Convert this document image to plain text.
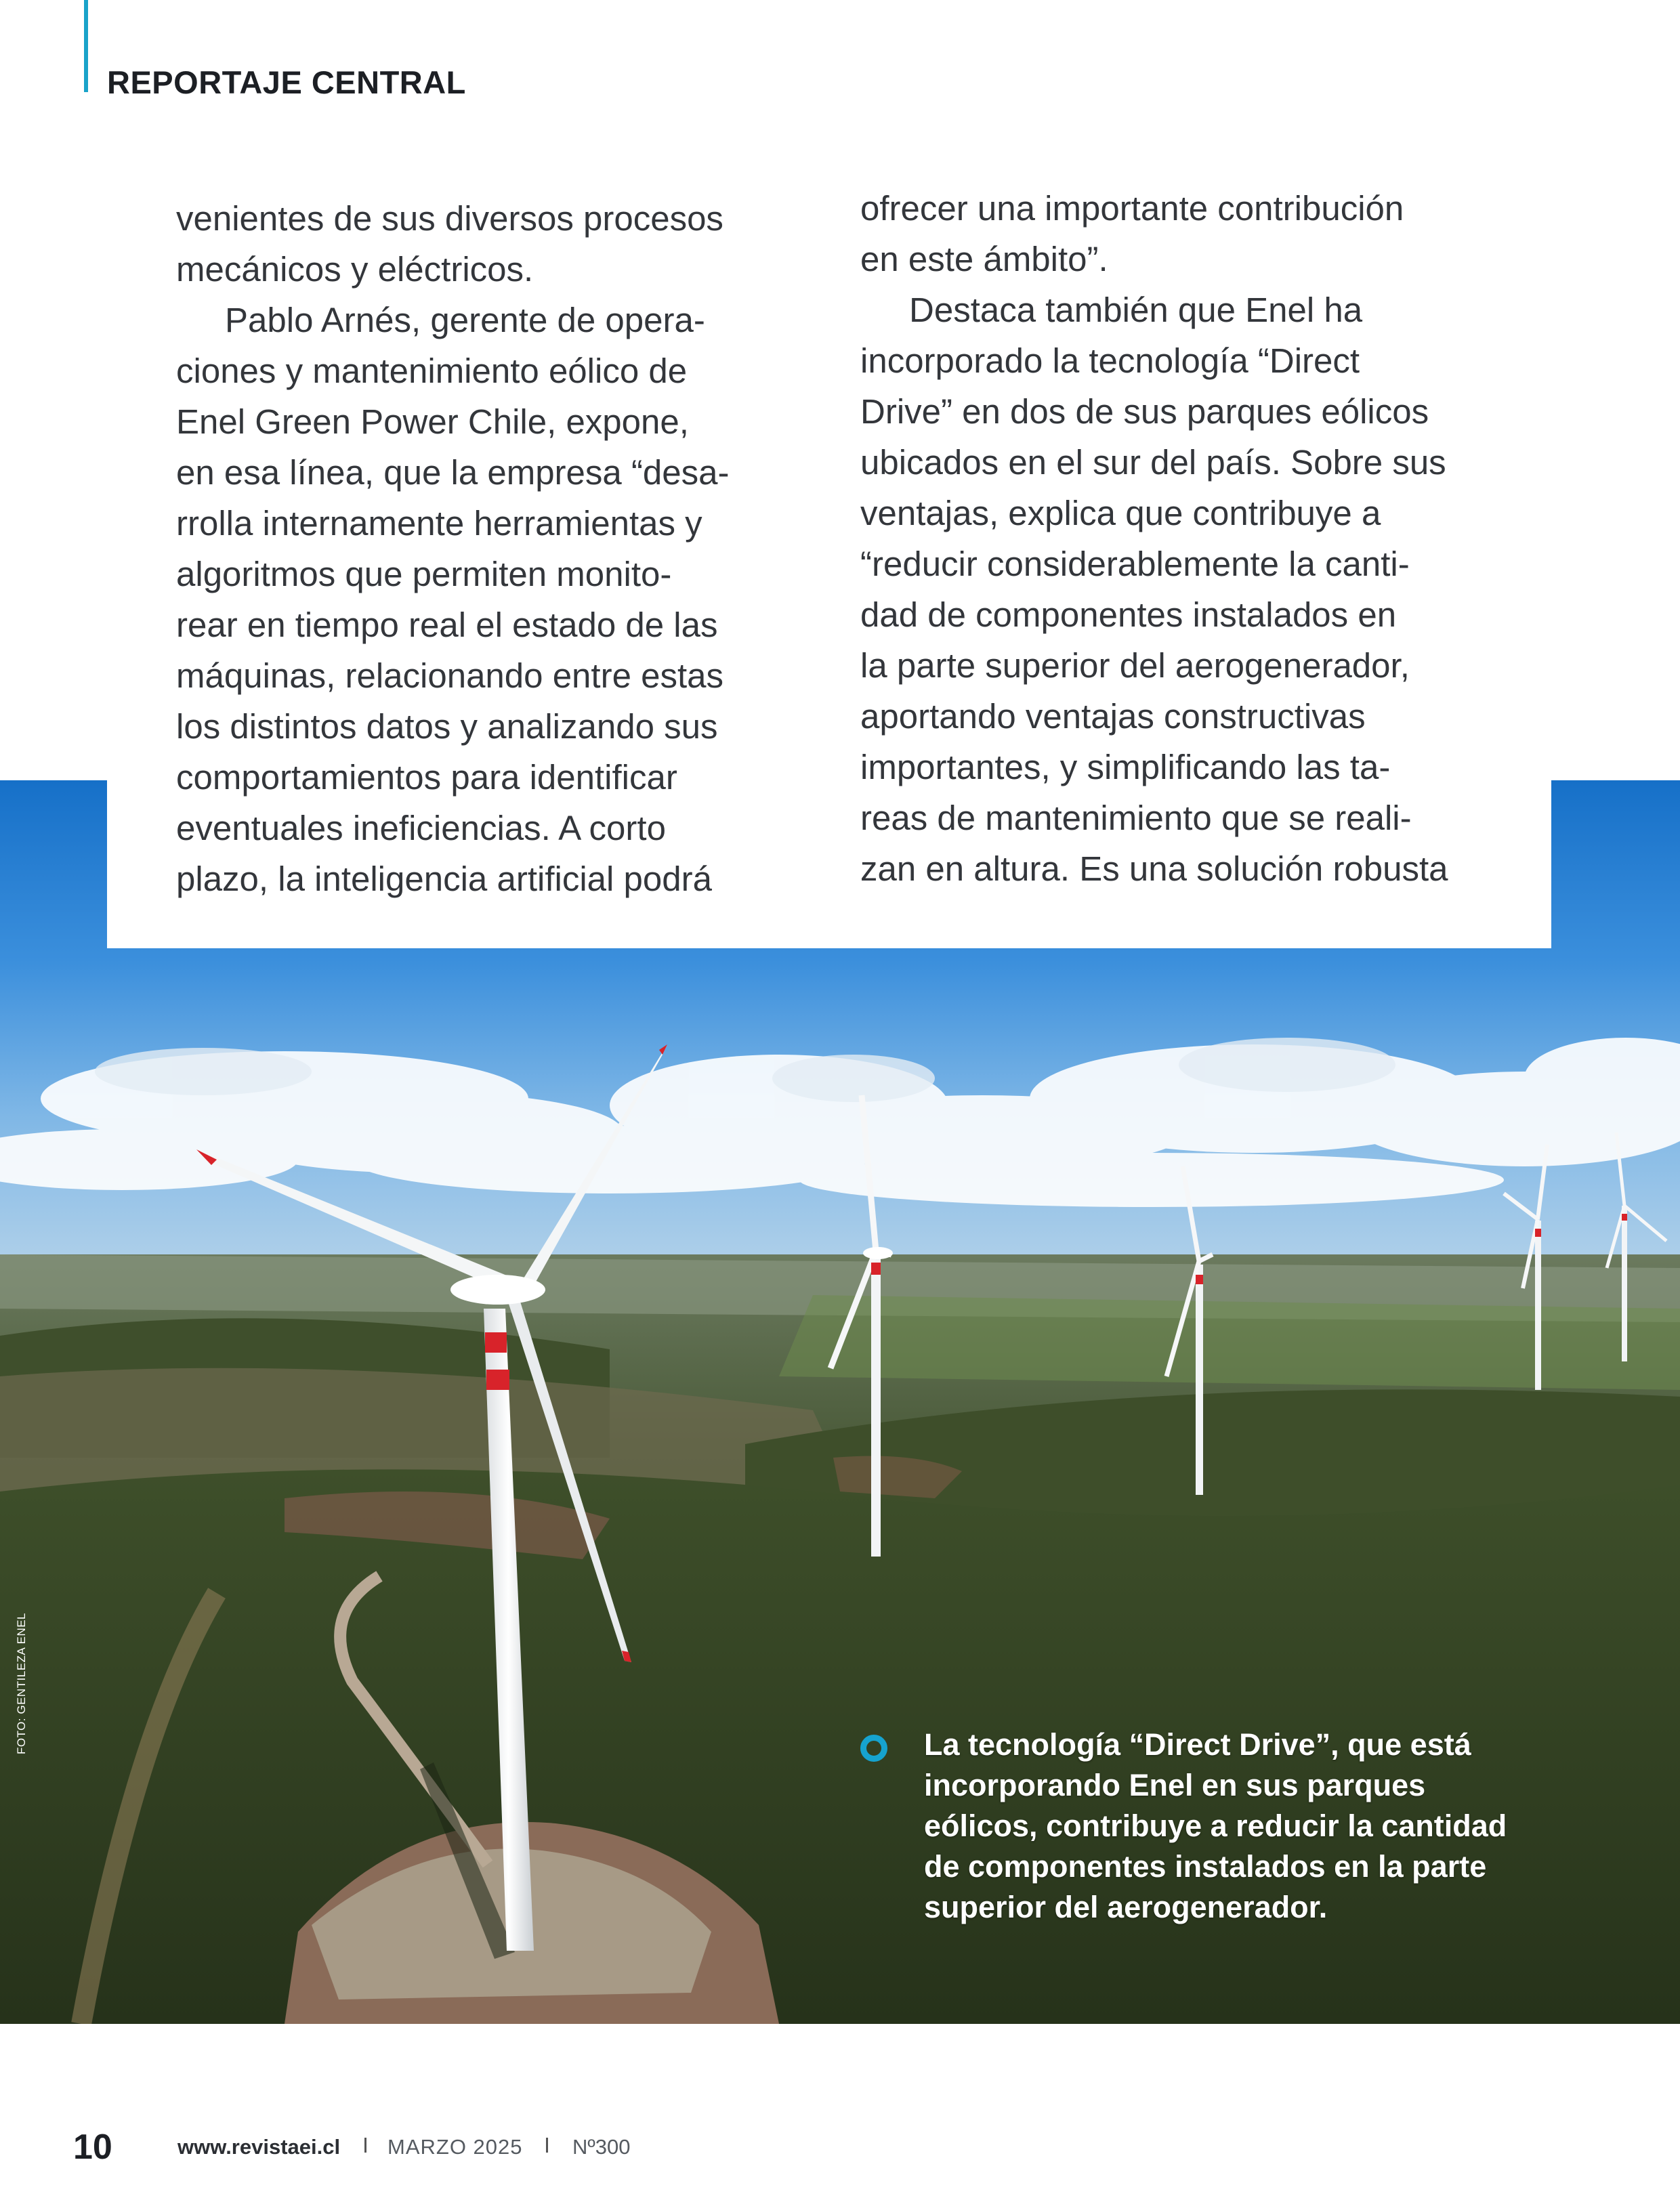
REPORTAJE CENTRAL

venientes de sus diversos procesos

mecánicos y eléctricos.

Pablo Arnés, gerente de opera-

ciones y mantenimiento eólico de

Enel Green Power Chile, expone,

en esa línea, que la empresa “desa-

rrolla internamente herramientas y

algoritmos que permiten monito-

rear en tiempo real el estado de las

máquinas, relacionando entre estas

los distintos datos y analizando sus

comportamientos para identificar

eventuales ineficiencias. A corto

plazo, la inteligencia artificial podrá

ofrecer una importante contribución

en este ámbito”.

Destaca también que Enel ha

incorporado la tecnología “Direct

Drive” en dos de sus parques eólicos

ubicados en el sur del país. Sobre sus

ventajas, explica que contribuye a

“reducir considerablemente la canti-

dad de componentes instalados en

la parte superior del aerogenerador,

aportando ventajas constructivas

importantes, y simplificando las ta-

reas de mantenimiento que se reali-

zan en altura. Es una solución robusta

La tecnología “Direct Drive”, que está

incorporando Enel en sus parques

eólicos, contribuye a reducir la cantidad

de componentes instalados en la parte

superior del aerogenerador.

FOTO: GENTILEZA ENEL
10	www.revistaei.cl MARZO 2025 Nº300
